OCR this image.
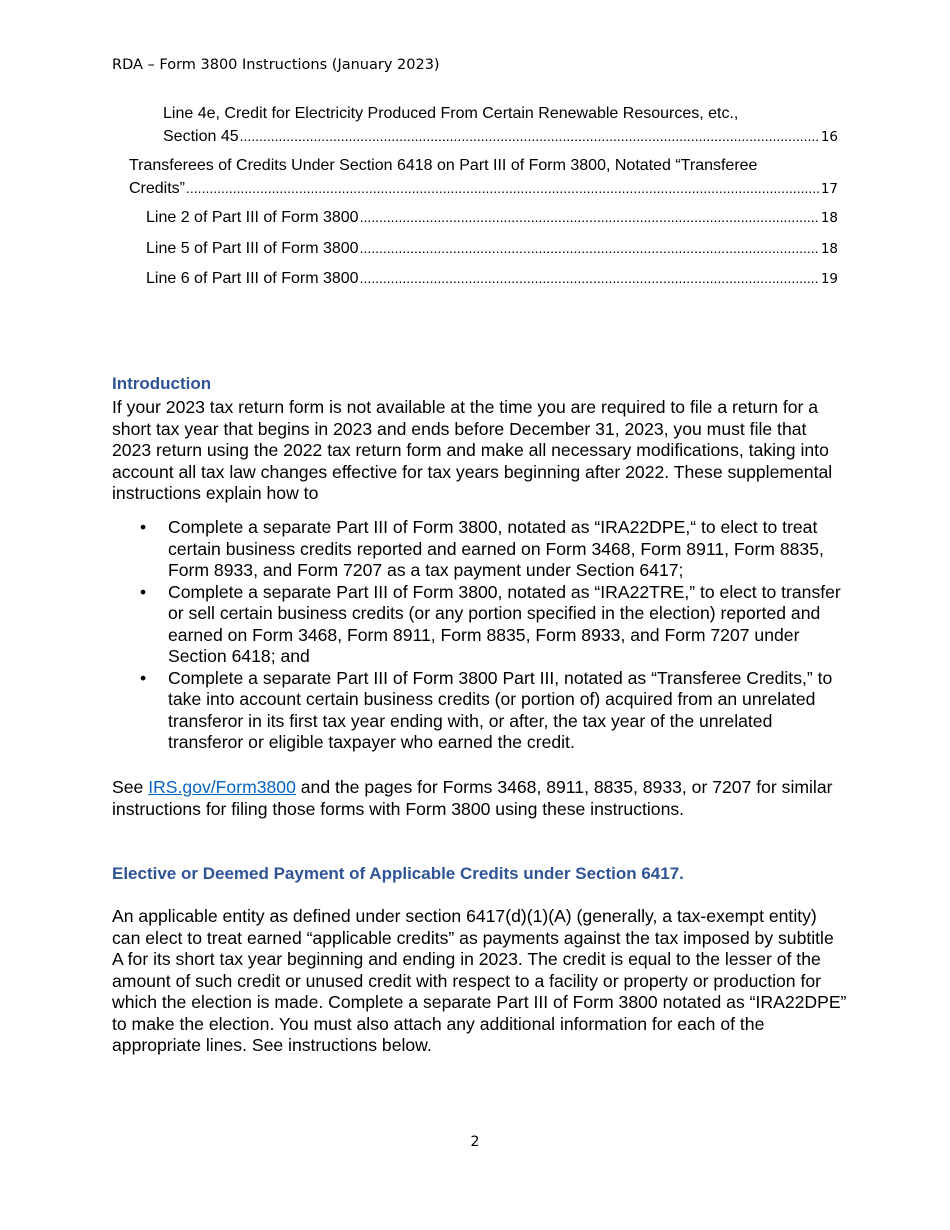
RDA – Form 3800 Instructions (January 2023)
Line 4e, Credit for Electricity Produced From Certain Renewable Resources, etc.,
Section 45 .....	16
Transferees of Credits Under Section 6418 on Part III of Form 3800, Notated “Transferee
Credits” .....	17
Line 2 of Part III of Form 3800 .....	18
Line 5 of Part III of Form 3800 .....	18
Line 6 of Part III of Form 3800 .....	19
Introduction
If your 2023 tax return form is not available at the time you are required to file a return for a short tax year that begins in 2023 and ends before December 31, 2023, you must file that 2023 return using the 2022 tax return form and make all necessary modifications, taking into account all tax law changes effective for tax years beginning after 2022. These supplemental instructions explain how to
• Complete a separate Part III of Form 3800, notated as “IRA22DPE,“ to elect to treat certain business credits reported and earned on Form 3468, Form 8911, Form 8835, Form 8933, and Form 7207 as a tax payment under Section 6417;
• Complete a separate Part III of Form 3800, notated as “IRA22TRE,” to elect to transfer or sell certain business credits (or any portion specified in the election) reported and earned on Form 3468, Form 8911, Form 8835, Form 8933, and Form 7207 under Section 6418; and
• Complete a separate Part III of Form 3800 Part III, notated as “Transferee Credits,” to take into account certain business credits (or portion of) acquired from an unrelated transferor in its first tax year ending with, or after, the tax year of the unrelated transferor or eligible taxpayer who earned the credit.
See IRS.gov/Form3800 and the pages for Forms 3468, 8911, 8835, 8933, or 7207 for similar instructions for filing those forms with Form 3800 using these instructions.
Elective or Deemed Payment of Applicable Credits under Section 6417.
An applicable entity as defined under section 6417(d)(1)(A) (generally, a tax-exempt entity) can elect to treat earned “applicable credits” as payments against the tax imposed by subtitle A for its short tax year beginning and ending in 2023. The credit is equal to the lesser of the amount of such credit or unused credit with respect to a facility or property or production for which the election is made. Complete a separate Part III of Form 3800 notated as “IRA22DPE” to make the election. You must also attach any additional information for each of the appropriate lines. See instructions below.
2
